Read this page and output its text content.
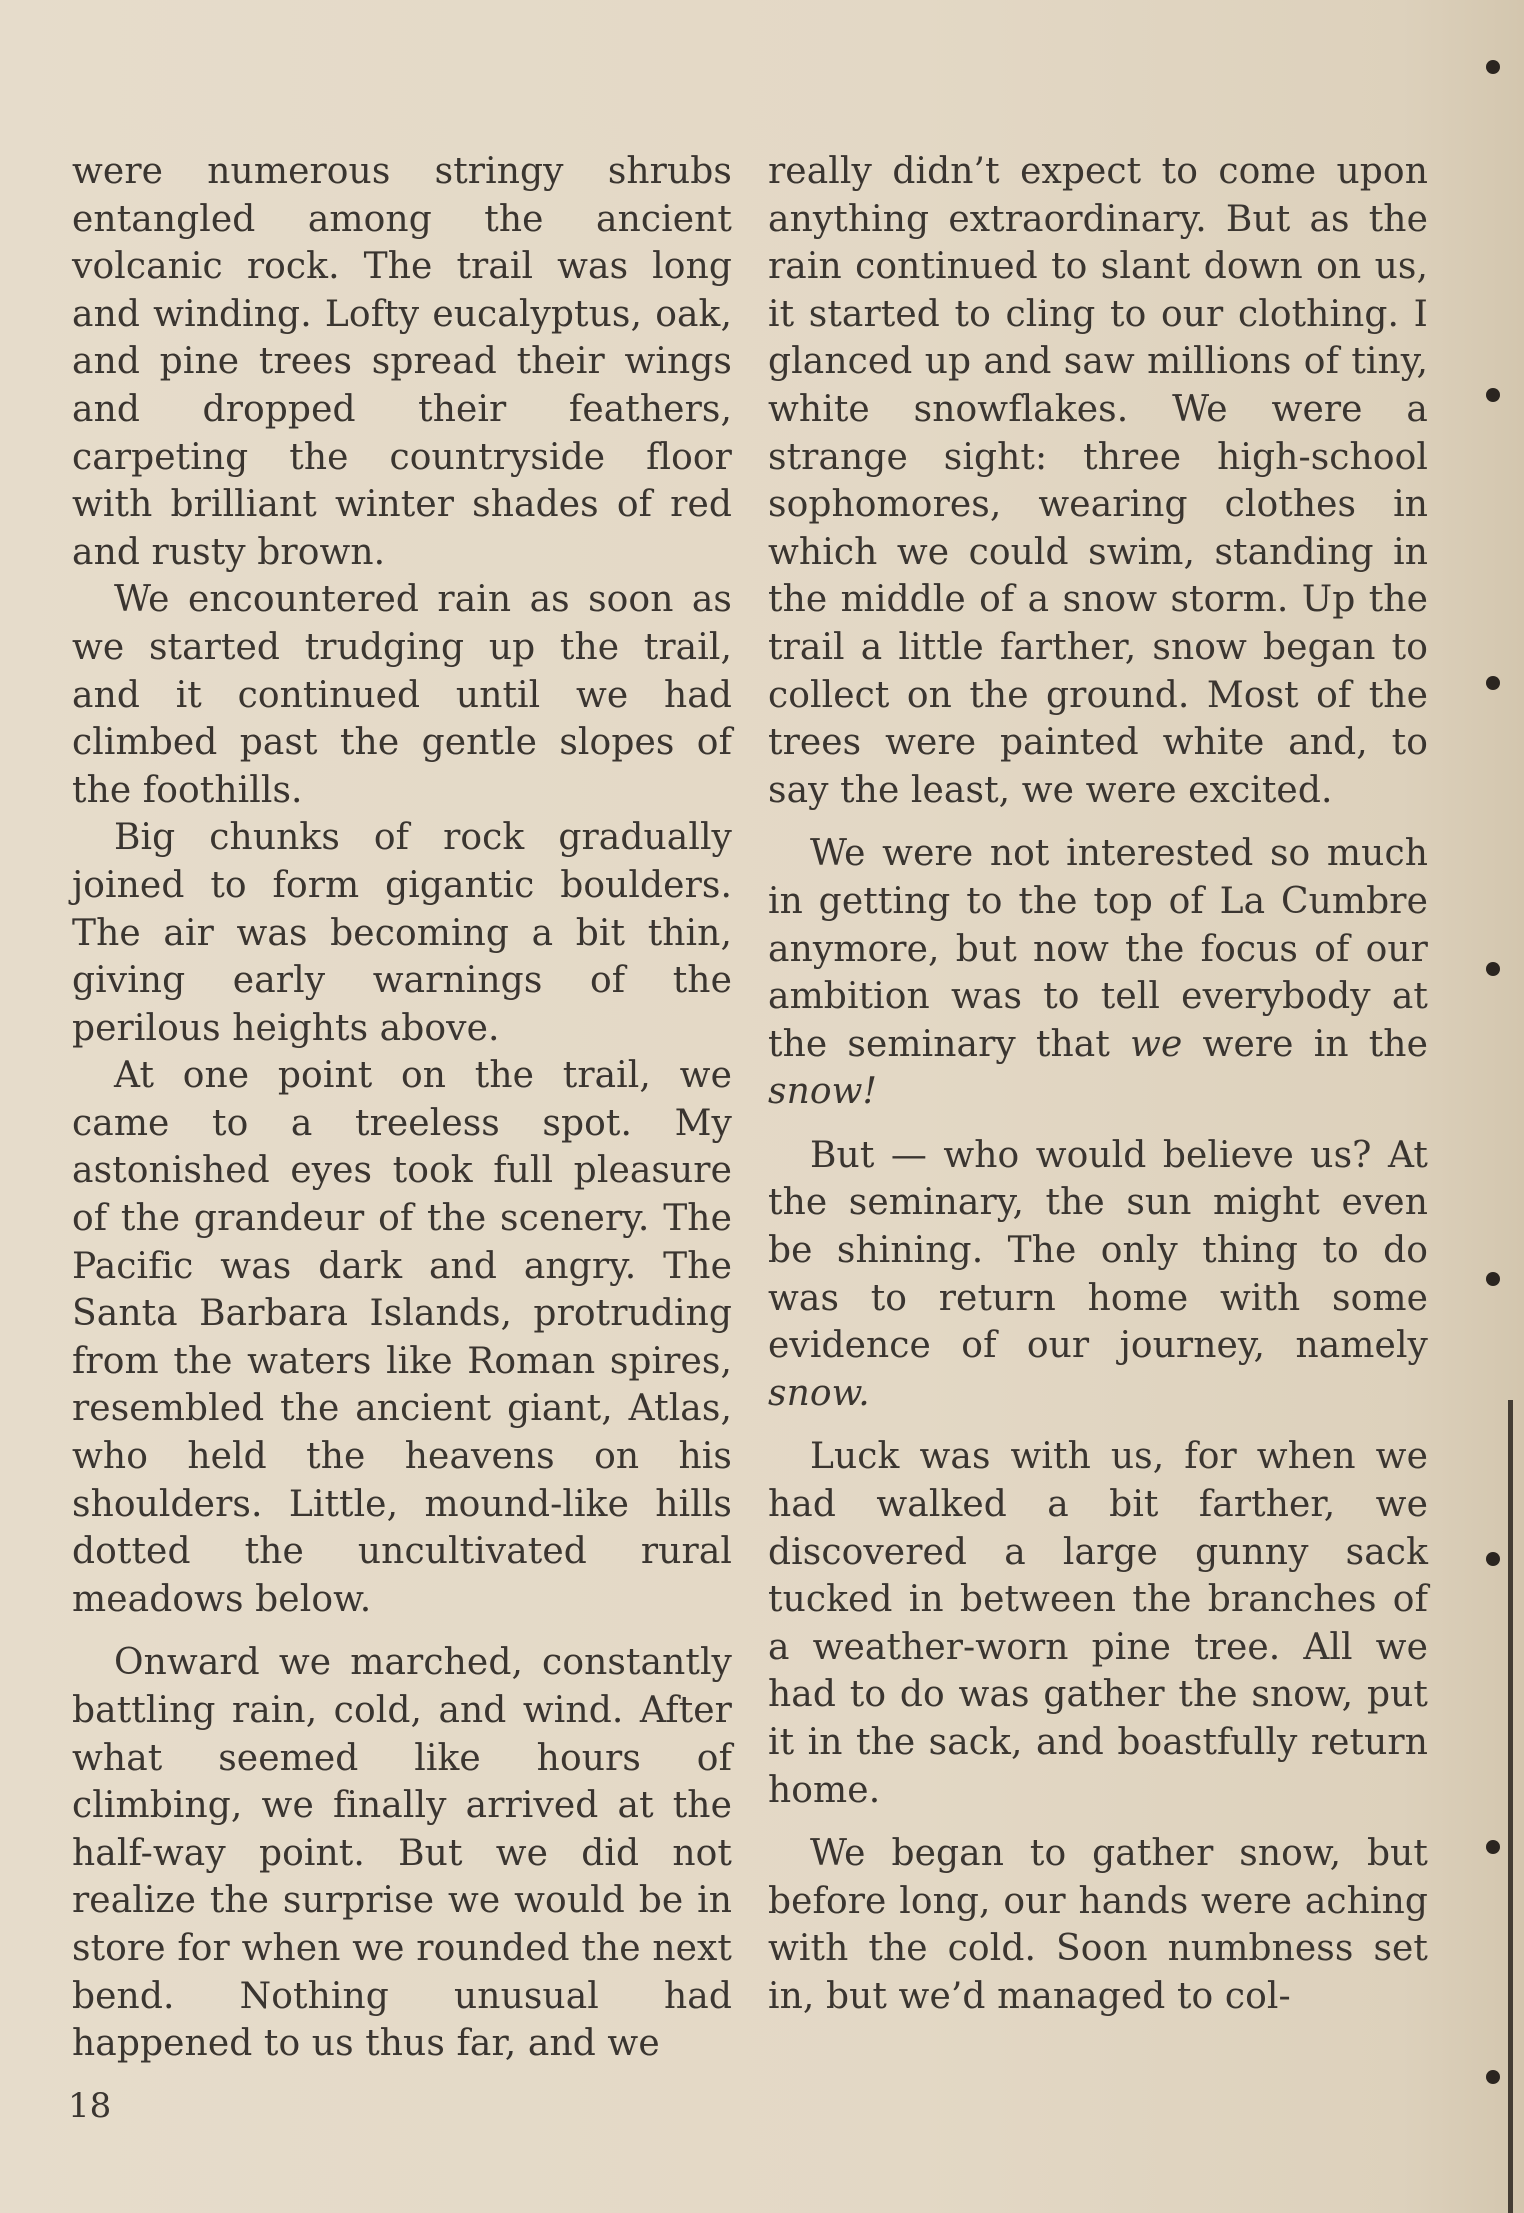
were numerous stringy shrubs entangled among the ancient volcanic rock. The trail was long and winding. Lofty eucalyptus, oak, and pine trees spread their wings and dropped their feathers, carpeting the countryside floor with brilliant winter shades of red and rusty brown.

We encountered rain as soon as we started trudging up the trail, and it continued until we had climbed past the gentle slopes of the foothills.

Big chunks of rock gradually joined to form gigantic boulders. The air was becoming a bit thin, giving early warnings of the perilous heights above.

At one point on the trail, we came to a treeless spot. My astonished eyes took full pleasure of the grandeur of the scenery. The Pacific was dark and angry. The Santa Barbara Islands, protruding from the waters like Roman spires, resembled the ancient giant, Atlas, who held the heavens on his shoulders. Little, mound-like hills dotted the uncultivated rural meadows below.

Onward we marched, constantly battling rain, cold, and wind. After what seemed like hours of climbing, we finally arrived at the half-way point. But we did not realize the surprise we would be in store for when we rounded the next bend. Nothing unusual had happened to us thus far, and we

really didn’t expect to come upon anything extraordinary. But as the rain continued to slant down on us, it started to cling to our clothing. I glanced up and saw millions of tiny, white snowflakes. We were a strange sight: three high-school sophomores, wearing clothes in which we could swim, standing in the middle of a snow storm. Up the trail a little farther, snow began to collect on the ground. Most of the trees were painted white and, to say the least, we were excited.

We were not interested so much in getting to the top of La Cumbre anymore, but now the focus of our ambition was to tell everybody at the seminary that we were in the snow!

But — who would believe us? At the seminary, the sun might even be shining. The only thing to do was to return home with some evidence of our journey, namely snow.

Luck was with us, for when we had walked a bit farther, we discovered a large gunny sack tucked in between the branches of a weather-worn pine tree. All we had to do was gather the snow, put it in the sack, and boastfully return home.

We began to gather snow, but before long, our hands were aching with the cold. Soon numbness set in, but we’d managed to col-

18
